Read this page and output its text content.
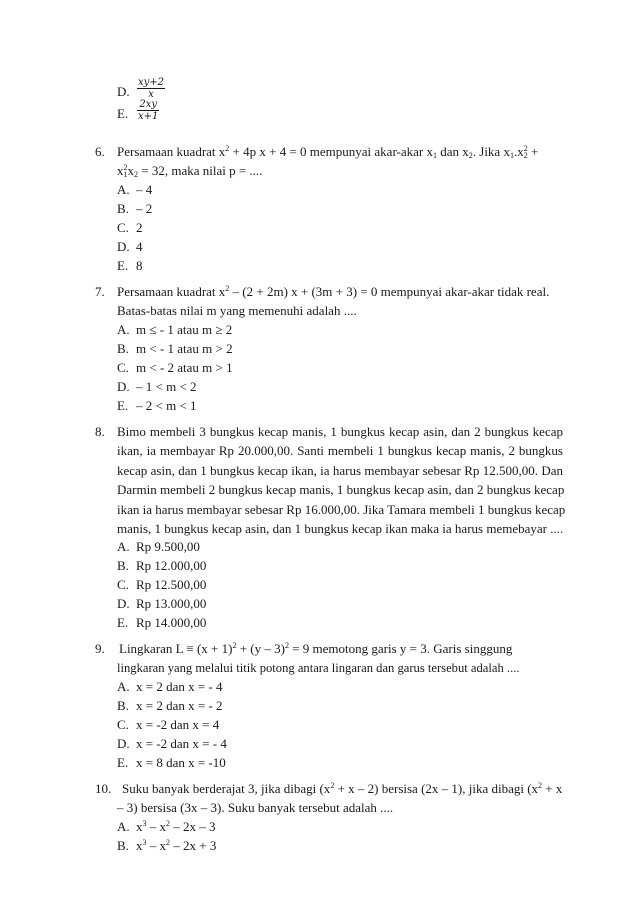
D. $\frac{xy+2}{x}$
E. $\frac{2xy}{x+1}$
6. Persamaan kuadrat $x^2 + 4p$ x + 4 = 0 mempunyai akar-akar $x_1$ dan $x_2$. Jika $x_1.x_2^2$ +
$x_1^2x_2 = 32$, maka nilai p = ....
A. – 4
B. – 2
C. 2
D. 4
E. 8
7. Persamaan kuadrat $x^2 - (2 + 2m) x + (3m + 3) = 0$ mempunyai akar-akar tidak real.
Batas-batas nilai m yang memenuhi adalah ....
A. m ≤ - 1 atau m ≥ 2
B. m < - 1 atau m > 2
C. m < - 2 atau m > 1
D. – 1 < m < 2
E. – 2 < m < 1
8. Bimo membeli 3 bungkus kecap manis, 1 bungkus kecap asin, dan 2 bungkus kecap
ikan, ia membayar Rp 20.000,00. Santi membeli 1 bungkus kecap manis, 2 bungkus
kecap asin, dan 1 bungkus kecap ikan, ia harus membayar sebesar Rp 12.500,00. Dan
Darmin membeli 2 bungkus kecap manis, 1 bungkus kecap asin, dan 2 bungkus kecap
ikan ia harus membayar sebesar Rp 16.000,00. Jika Tamara membeli 1 bungkus kecap
manis, 1 bungkus kecap asin, dan 1 bungkus kecap ikan maka ia harus memebayar ....
A. Rp 9.500,00
B. Rp 12.000,00
C. Rp 12.500,00
D. Rp 13.000,00
E. Rp 14.000,00
9. Lingkaran $L \equiv (x + 1)^2 + (y - 3)^2 = 9$ memotong garis y = 3. Garis singgung
lingkaran yang melalui titik potong antara lingaran dan garus tersebut adalah ....
A. x = 2 dan x = - 4
B. x = 2 dan x = - 2
C. x = -2 dan x = 4
D. x = -2 dan x = - 4
E. x = 8 dan x = -10
10. Suku banyak berderajat 3, jika dibagi $(x^2 + x - 2)$ bersisa (2x – 1), jika dibagi ($x^2 + x$
– 3) bersisa (3x – 3). Suku banyak tersebut adalah ....
A. $x^3 - x^2 - 2x - 3$
B. $x^3 - x^2 - 2x + 3$
